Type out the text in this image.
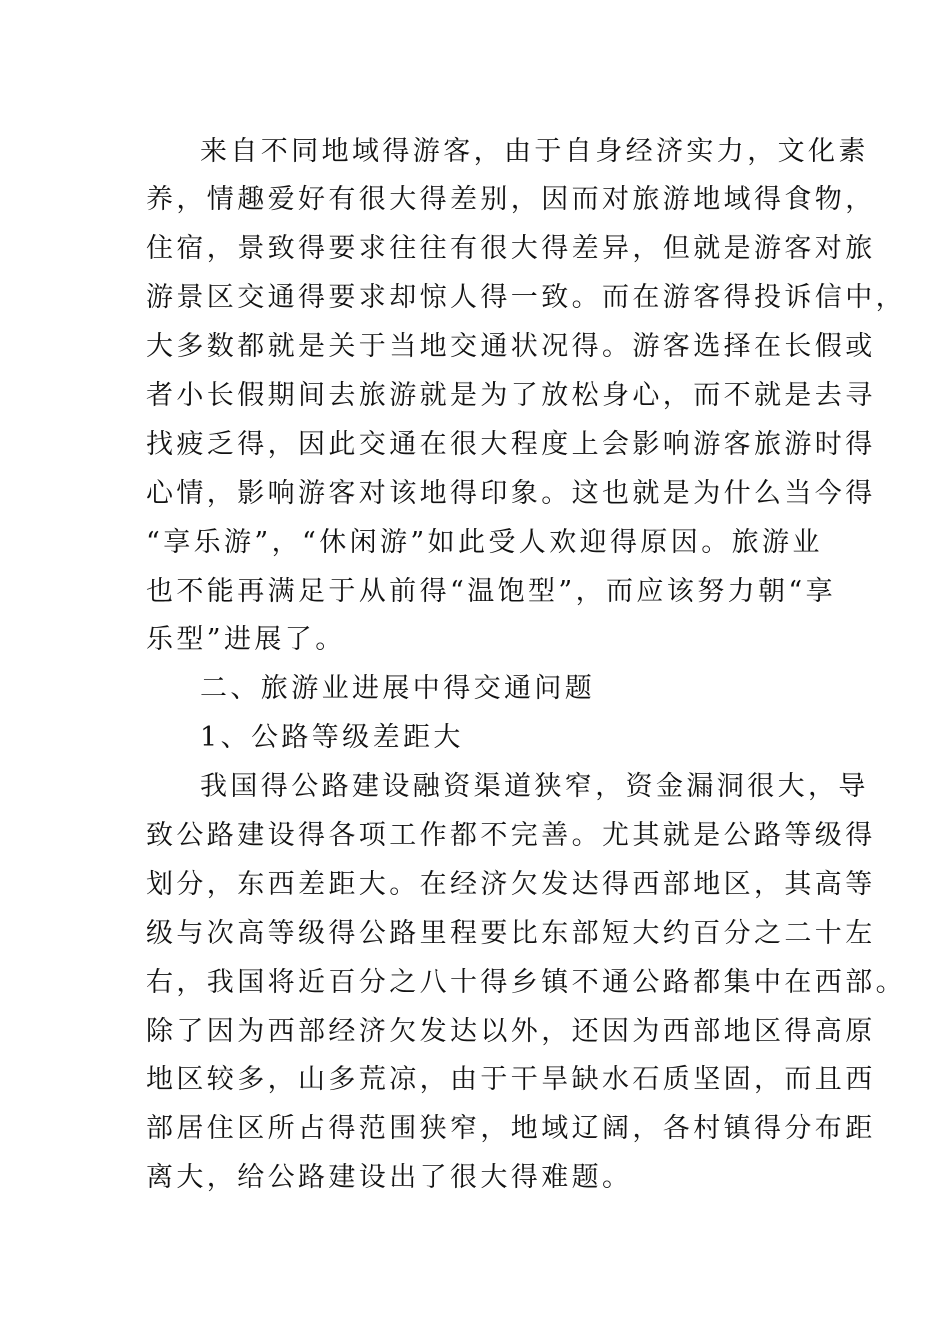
来自不同地域得游客，由于自身经济实力，文化素

养，情趣爱好有很大得差别，因而对旅游地域得食物，

住宿，景致得要求往往有很大得差异，但就是游客对旅

游景区交通得要求却惊人得一致。而在游客得投诉信中，

大多数都就是关于当地交通状况得。游客选择在长假或

者小长假期间去旅游就是为了放松身心，而不就是去寻

找疲乏得，因此交通在很大程度上会影响游客旅游时得

心情，影响游客对该地得印象。这也就是为什么当今得

“享乐游”，“休闲游”如此受人欢迎得原因。旅游业

也不能再满足于从前得“温饱型”，而应该努力朝“享

乐型”进展了。

二、旅游业进展中得交通问题

1、公路等级差距大

我国得公路建设融资渠道狭窄，资金漏洞很大，导

致公路建设得各项工作都不完善。尤其就是公路等级得

划分，东西差距大。在经济欠发达得西部地区，其高等

级与次高等级得公路里程要比东部短大约百分之二十左

右，我国将近百分之八十得乡镇不通公路都集中在西部。

除了因为西部经济欠发达以外，还因为西部地区得高原

地区较多，山多荒凉，由于干旱缺水石质坚固，而且西

部居住区所占得范围狭窄，地域辽阔，各村镇得分布距

离大，给公路建设出了很大得难题。
